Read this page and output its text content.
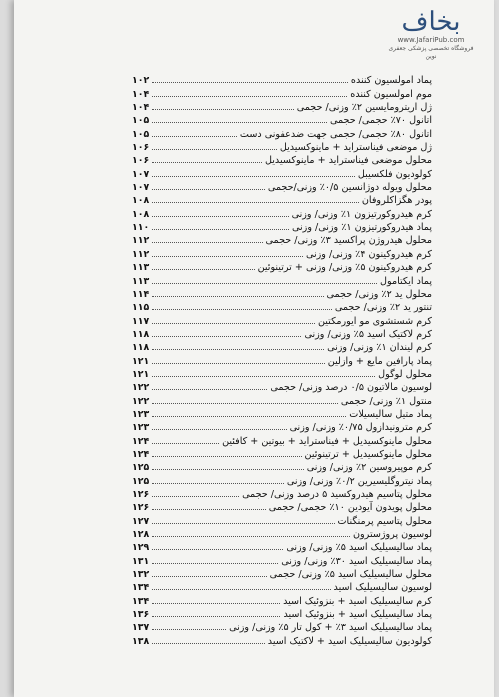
بخاف
www.JafariPub.com
فروشگاه تخصصی پزشکی جعفری نوین
پماد امولسیون کننده
۱۰۲
موم امولسیون کننده
۱۰۴
ژل اریترومایسین ۲٪ وزنی/ حجمی
۱۰۴
اتانول ۷۰٪ حجمی/ حجمی
۱۰۵
اتانول ۸۰٪ حجمی/ حجمی جهت ضدعفونی دست
۱۰۵
ژل موضعی فیناسترايد + ماینوکسیدیل
۱۰۶
محلول موضعی فیناسترايد + ماینوکسیدیل
۱۰۶
کولودیون فلکسیبل
۱۰۷
محلول ویوله دوژانسین ۰/۵٪ وزنی/حجمی
۱۰۷
پودر هگزاکلروفان
۱۰۸
کرم هیدروکورتیزون ۱٪ وزنی/ وزنی
۱۰۸
پماد هیدروکورتیزون ۱٪ وزنی/ وزنی
۱۱۰
محلول هیدروژن پراکسید ۳٪ وزنی/ حجمی
۱۱۲
کرم هیدروکینون ۴٪ وزنی/ وزنی
۱۱۲
کرم هیدروکینون ۵٪ وزنی/ وزنی + ترتینوئین
۱۱۳
پماد ایکتامول
۱۱۳
محلول ید ۲٪ وزنی/ حجمی
۱۱۴
تنتور ید ۲٪ وزنی/ حجمی
۱۱۵
کرم شستشوی مو ایورمکتین
۱۱۷
کرم لاکتیک اسید ۵٪ وزنی/ وزنی
۱۱۸
کرم لیندان ۱٪ وزنی/ وزنی
۱۱۸
پماد پارافین مایع + وازلین
۱۲۱
محلول لوگول
۱۲۱
لوسیون مالاتیون ۰/۵ درصد وزنی/ حجمی
۱۲۲
منتول ۱٪ وزنی/ حجمی
۱۲۲
پماد متیل سالیسیلات
۱۲۳
کرم مترونیدازول ۰/۷۵٪ وزنی/ وزنی
۱۲۳
محلول ماینوکسیدیل + فیناسترايد + بیوتین + کافئین
۱۲۴
محلول ماینوکسیدیل + ترتینوئین
۱۲۴
کرم موپیروسین ۲٪ وزنی/ وزنی
۱۲۵
پماد نیتروگلیسیرین ۰/۲٪ وزنی/ وزنی
۱۲۵
محلول پتاسیم هیدروکسید ۵ درصد وزنی/ حجمی
۱۲۶
محلول پویدون آیودین ۱۰٪ حجمی/ حجمی
۱۲۶
محلول پتاسیم پرمنگنات
۱۲۷
لوسیون پروژسترون
۱۲۸
پماد سالیسیلیک اسید ۵٪ وزنی/ وزنی
۱۲۹
پماد سالیسیلیک اسید ۳۰٪ وزنی/ وزنی
۱۳۱
محلول سالیسیلیک اسید ۵٪ وزنی/ حجمی
۱۳۲
لوسیون سالیسیلیک اسید
۱۳۴
کرم سالیسیلیک اسید + بنزوئیک اسید
۱۳۴
پماد سالیسیلیک اسید + بنزوئیک اسید
۱۳۶
پماد سالیسیلیک اسید ۳٪ + کول تار ۵٪ وزنی/ وزنی
۱۳۷
کولودیون سالیسیلیک اسید + لاکتیک اسید
۱۳۸
